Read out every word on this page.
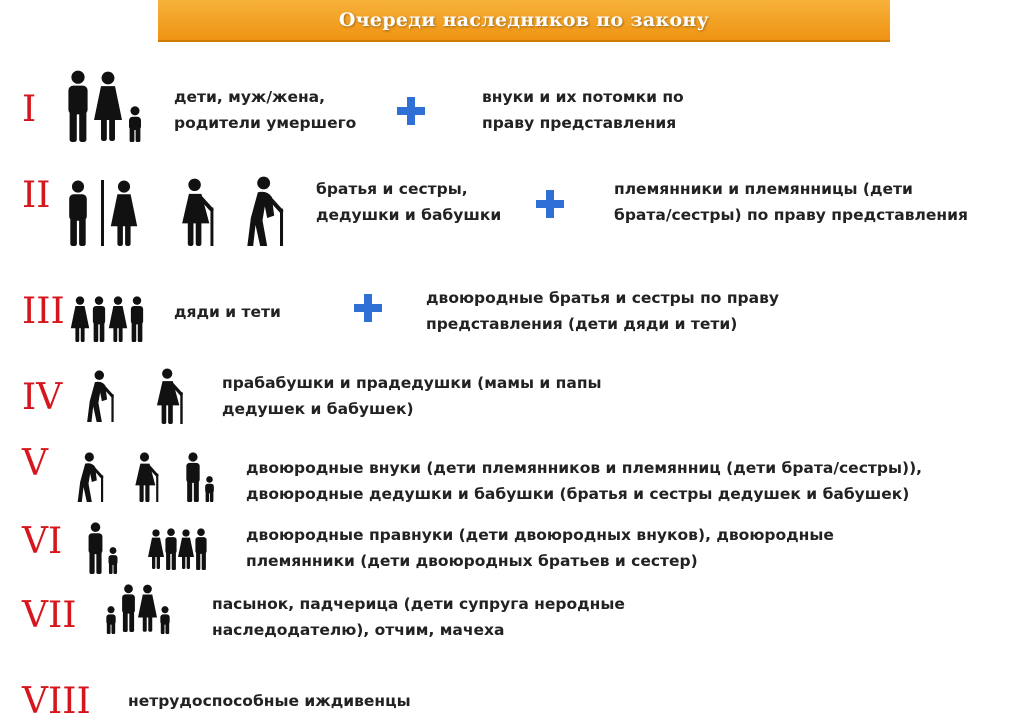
Очереди наследников по закону
I	дети, муж/жена,
родители умершего
внуки и их потомки по
праву представления
II	братья и сестры,
дедушки и бабушки
племянники и племянницы (дети
брата/сестры) по праву представления
III	дяди и тети
двоюродные братья и сестры по праву
представления (дети дяди и тети)
IV	прабабушки и прадедушки (мамы и папы
дедушек и бабушек)
V	двоюродные внуки (дети племянников и племянниц (дети брата/сестры)),
двоюродные дедушки и бабушки (братья и сестры дедушек и бабушек)
VI	двоюродные правнуки (дети двоюродных внуков), двоюродные
племянники (дети двоюродных братьев и сестер)
VII	пасынок, падчерица (дети супруга неродные
наследодателю), отчим, мачеха
VIII нетрудоспособные иждивенцы
